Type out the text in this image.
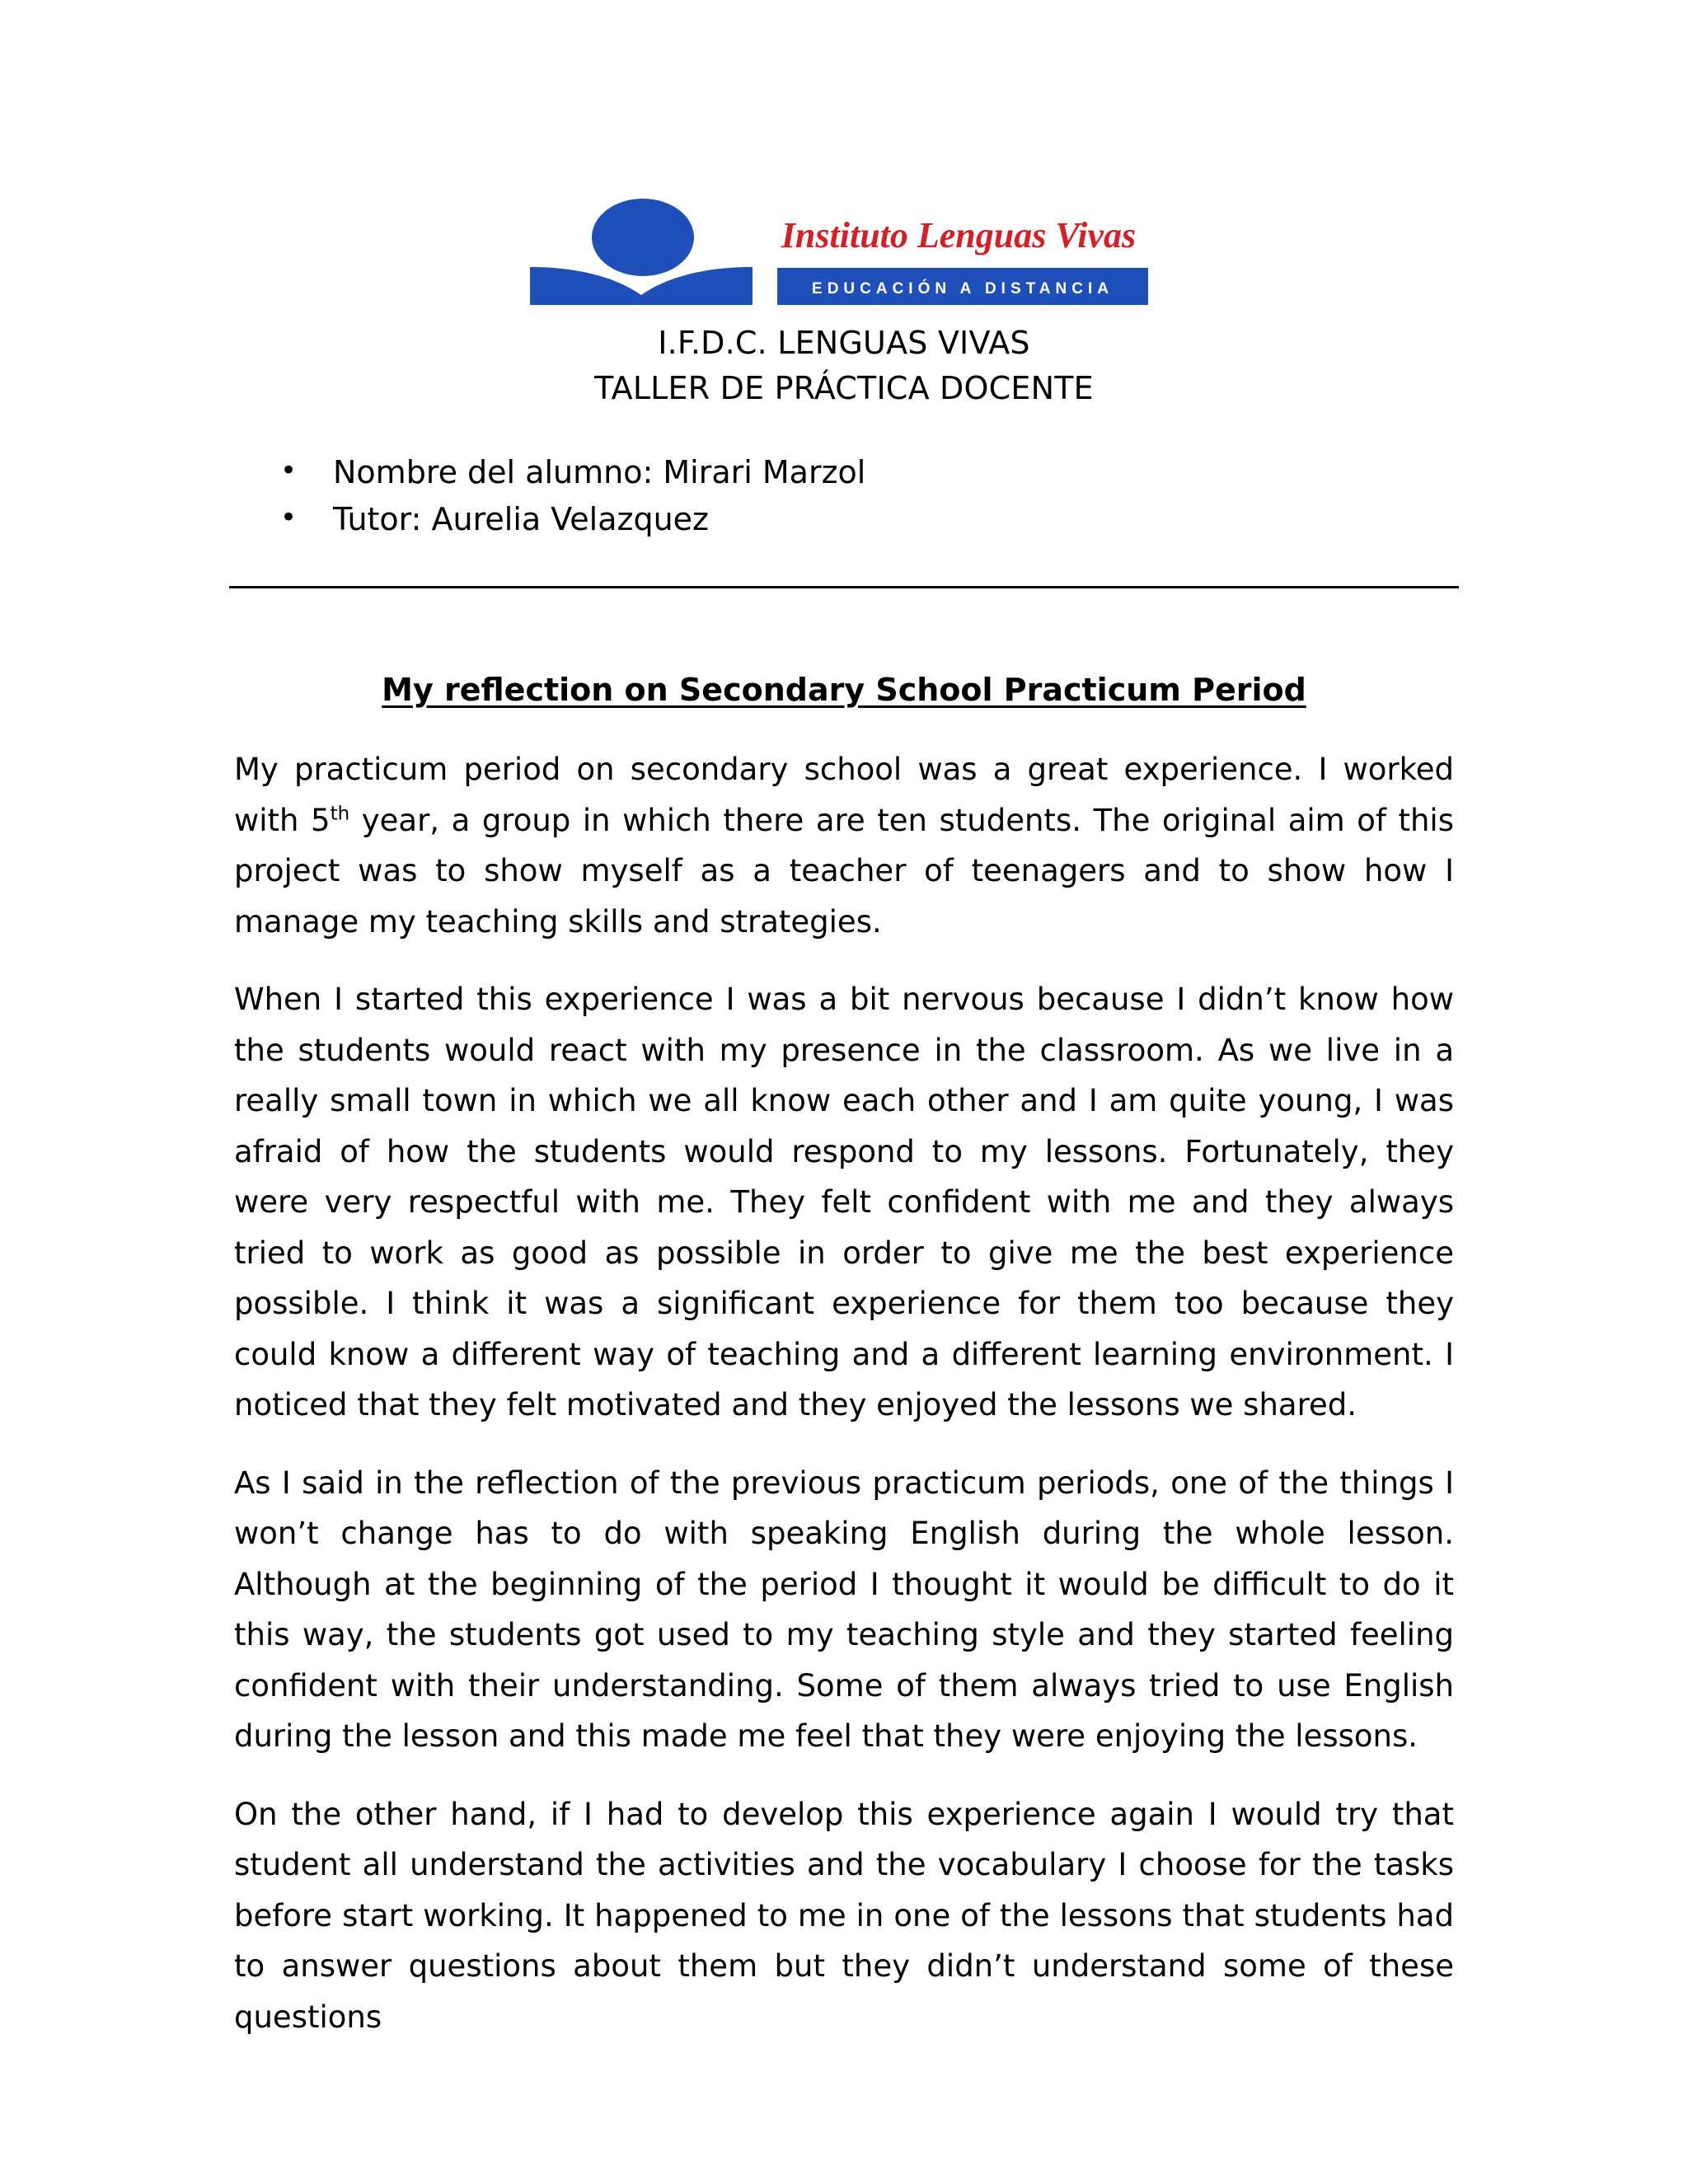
Instituto Lenguas Vivas
EDUCACIÓN A DISTANCIA
I.F.D.C. LENGUAS VIVAS
TALLER DE PRÁCTICA DOCENTE
•	Nombre del alumno: Mirari Marzol
•	Tutor: Aurelia Velazquez
My reflection on Secondary School Practicum Period

My practicum period on secondary school was a great experience. I worked with 5th year, a group in which there are ten students. The original aim of this project was to show myself as a teacher of teenagers and to show how I manage my teaching skills and strategies.

When I started this experience I was a bit nervous because I didn’t know how the students would react with my presence in the classroom. As we live in a really small town in which we all know each other and I am quite young, I was afraid of how the students would respond to my lessons. Fortunately, they were very respectful with me. They felt confident with me and they always tried to work as good as possible in order to give me the best experience possible. I think it was a significant experience for them too because they could know a different way of teaching and a different learning environment. I noticed that they felt motivated and they enjoyed the lessons we shared.

As I said in the reflection of the previous practicum periods, one of the things I won’t change has to do with speaking English during the whole lesson. Although at the beginning of the period I thought it would be difficult to do it this way, the students got used to my teaching style and they started feeling confident with their understanding. Some of them always tried to use English during the lesson and this made me feel that they were enjoying the lessons.

On the other hand, if I had to develop this experience again I would try that student all understand the activities and the vocabulary I choose for the tasks before start working. It happened to me in one of the lessons that students had to answer questions about them but they didn’t understand some of these questions
